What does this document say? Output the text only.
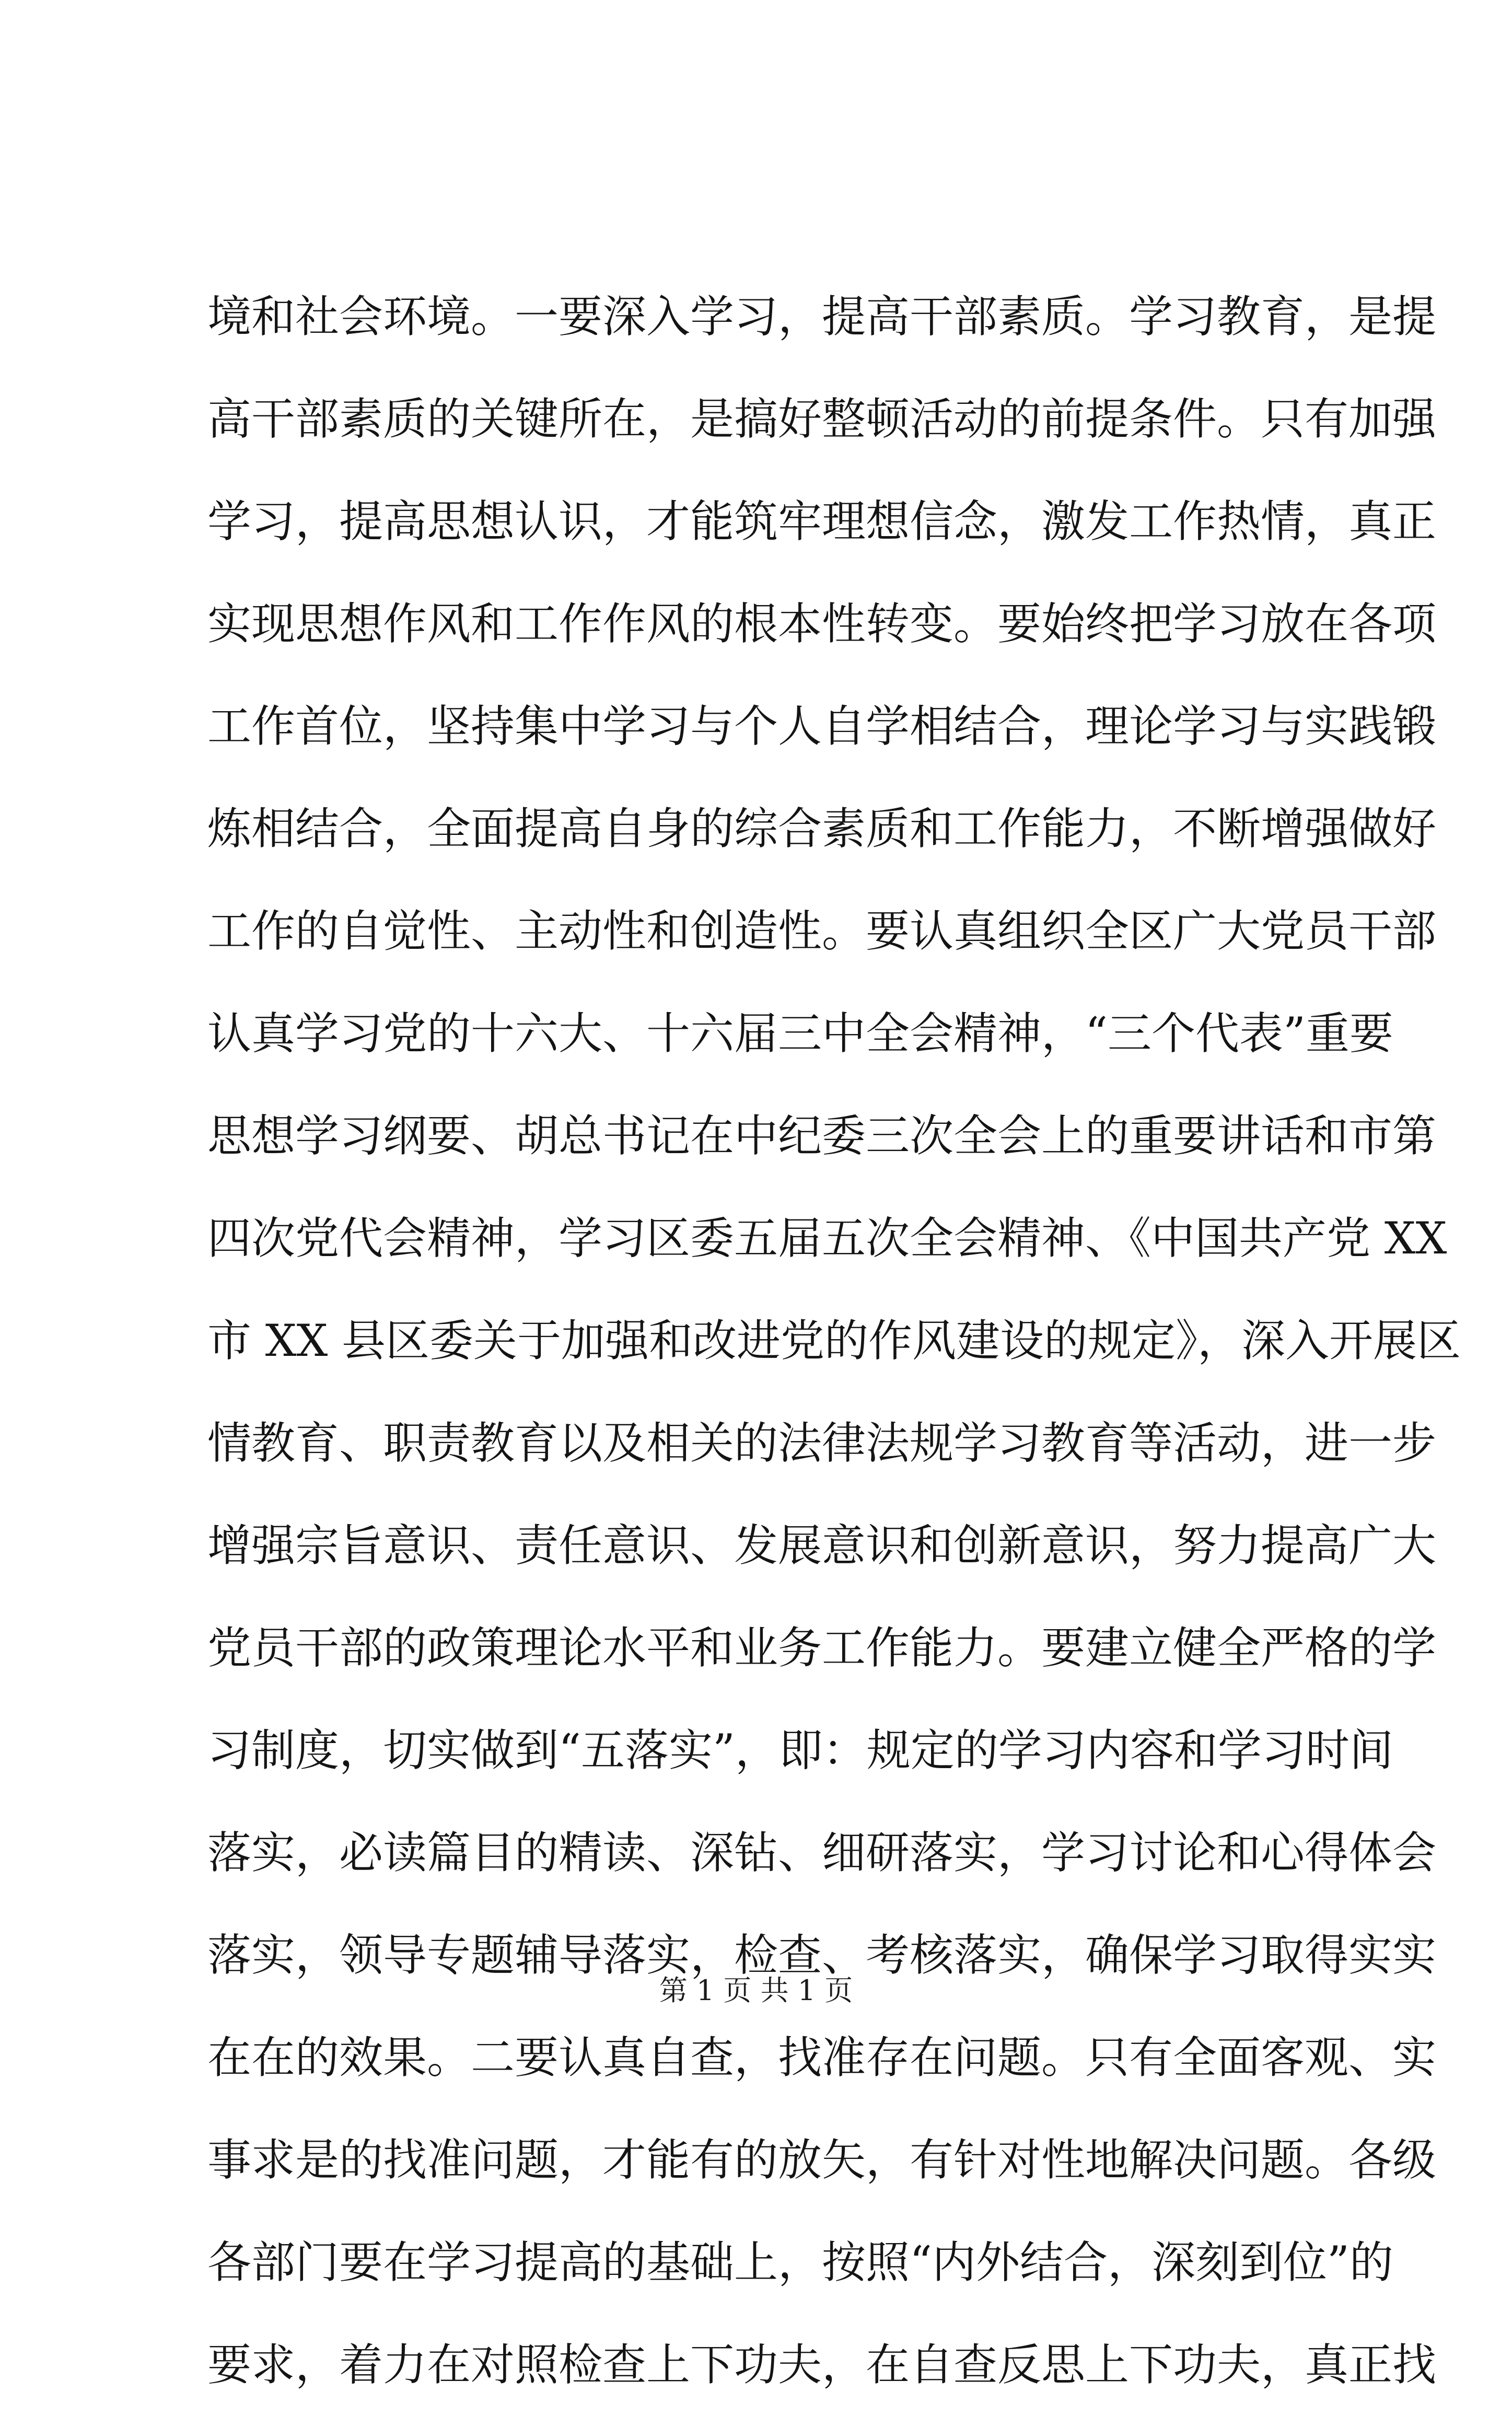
境和社会环境。一要深入学习，提高干部素质。学习教育，是提
高干部素质的关键所在，是搞好整顿活动的前提条件。只有加强
学习，提高思想认识，才能筑牢理想信念，激发工作热情，真正
实现思想作风和工作作风的根本性转变。要始终把学习放在各项
工作首位，坚持集中学习与个人自学相结合，理论学习与实践锻
炼相结合，全面提高自身的综合素质和工作能力，不断增强做好
工作的自觉性、主动性和创造性。要认真组织全区广大党员干部
认真学习党的十六大、十六届三中全会精神，“三个代表”重要
思想学习纲要、胡总书记在中纪委三次全会上的重要讲话和市第
四次党代会精神，学习区委五届五次全会精神、《中国共产党 XX
市 XX 县区委关于加强和改进党的作风建设的规定》，深入开展区
情教育、职责教育以及相关的法律法规学习教育等活动，进一步
增强宗旨意识、责任意识、发展意识和创新意识，努力提高广大
党员干部的政策理论水平和业务工作能力。要建立健全严格的学
习制度，切实做到“五落实”，即：规定的学习内容和学习时间
落实，必读篇目的精读、深钻、细研落实，学习讨论和心得体会
落实，领导专题辅导落实，检查、考核落实，确保学习取得实实
在在的效果。二要认真自查，找准存在问题。只有全面客观、实
事求是的找准问题，才能有的放矢，有针对性地解决问题。各级
各部门要在学习提高的基础上，按照“内外结合，深刻到位”的
要求，着力在对照检查上下功夫，在自查反思上下功夫，真正找
第 1 页 共 1 页
